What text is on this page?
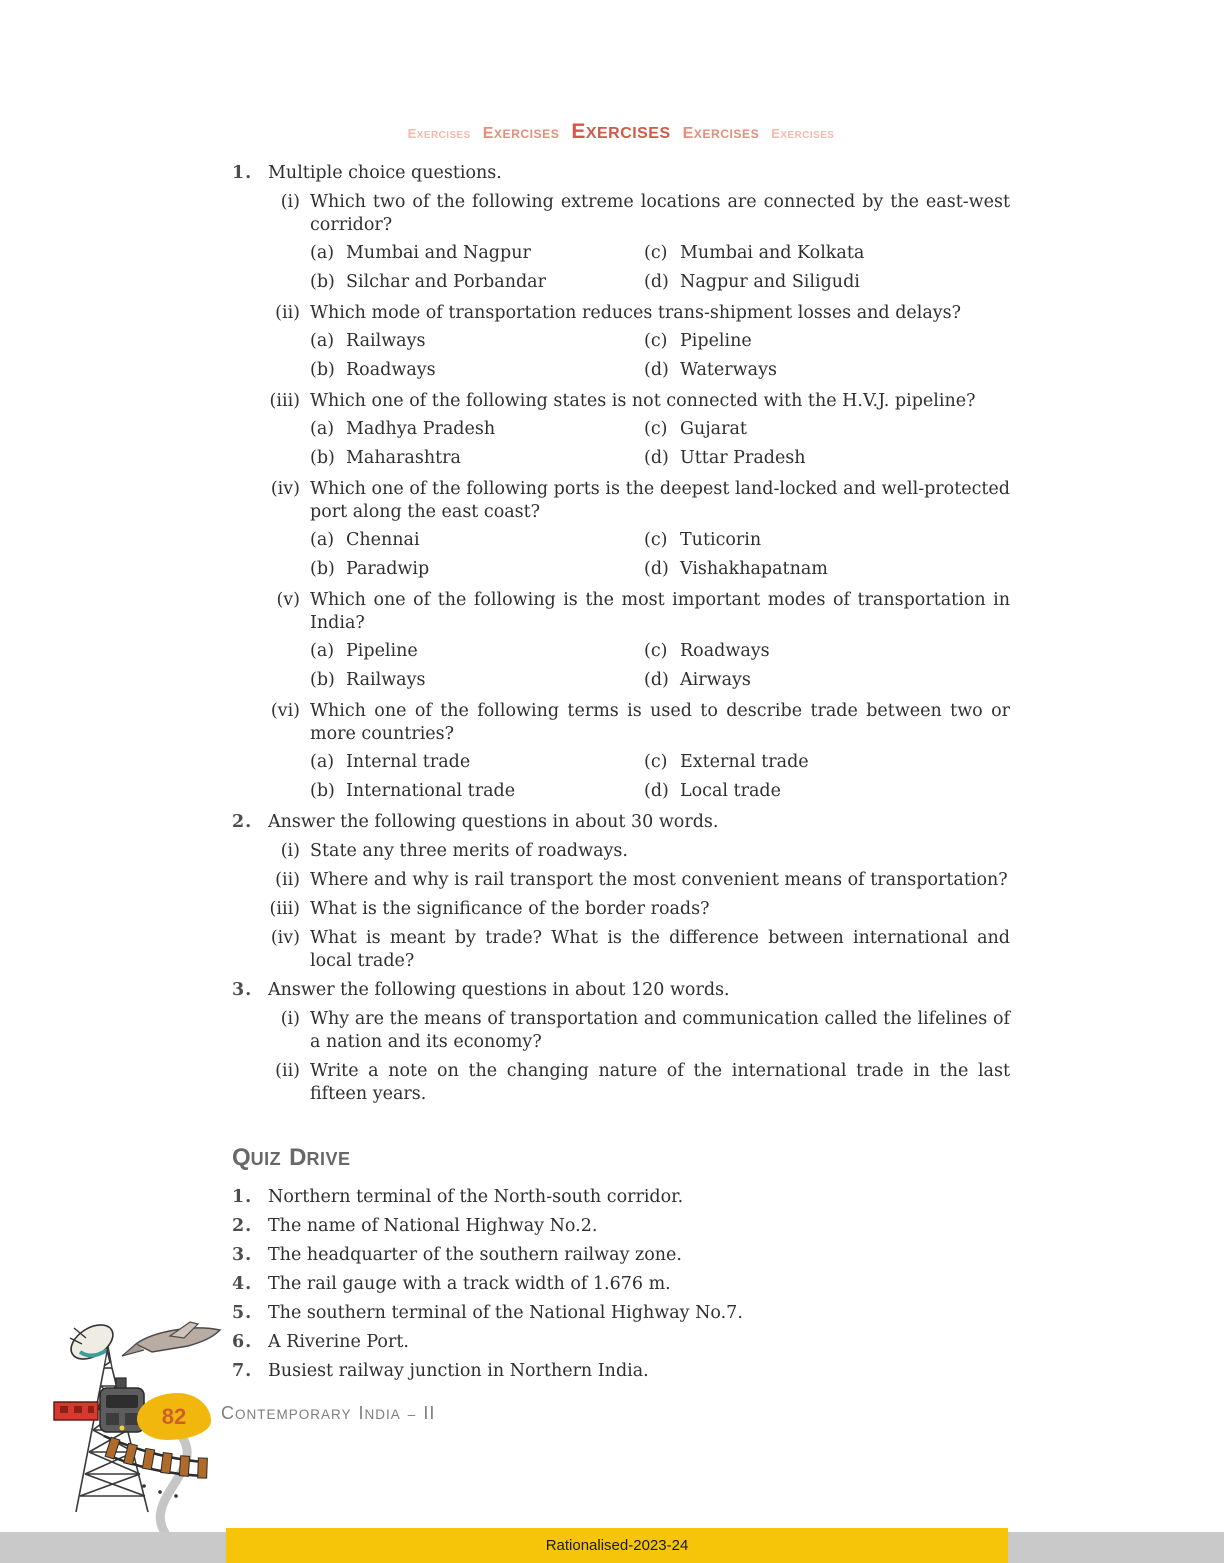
EXERCISES EXERCISES EXERCISES EXERCISES EXERCISES
1. Multiple choice questions.
(i) Which two of the following extreme locations are connected by the east-west corridor?

(a) Mumbai and Nagpur
(b) Silchar and Porbandar
(c) Mumbai and Kolkata
(d) Nagpur and Siligudi
(ii) Which mode of transportation reduces trans-shipment losses and delays?

(a) Railways
(b) Roadways
(c) Pipeline
(d) Waterways
(iii) Which one of the following states is not connected with the H.V.J. pipeline?

(a) Madhya Pradesh
(b) Maharashtra
(c) Gujarat
(d) Uttar Pradesh
(iv) Which one of the following ports is the deepest land-locked and well-protected port along the east coast?

(a) Chennai
(b) Paradwip
(c) Tuticorin
(d) Vishakhapatnam
(v) Which one of the following is the most important modes of transportation in India?

(a) Pipeline
(b) Railways
(c) Roadways
(d) Airways
(vi) Which one of the following terms is used to describe trade between two or more countries?

(a) Internal trade
(b) International trade
(c) External trade
(d) Local trade
2. Answer the following questions in about 30 words.
(i) State any three merits of roadways.

(ii) Where and why is rail transport the most convenient means of transportation?

(iii) What is the significance of the border roads?

(iv) What is meant by trade? What is the difference between international and local trade?

3. Answer the following questions in about 120 words.
(i) Why are the means of transportation and communication called the lifelines of a nation and its economy?

(ii) Write a note on the changing nature of the international trade in the last fifteen years.

QUIZ DRIVE
1. Northern terminal of the North-south corridor.
2. The name of National Highway No.2.
3. The headquarter of the southern railway zone.
4. The rail gauge with a track width of 1.676 m.
5. The southern terminal of the National Highway No.7.
6. A Riverine Port.
7. Busiest railway junction in Northern India.
82 CONTEMPORARY INDIA – II
Rationalised-2023-24
